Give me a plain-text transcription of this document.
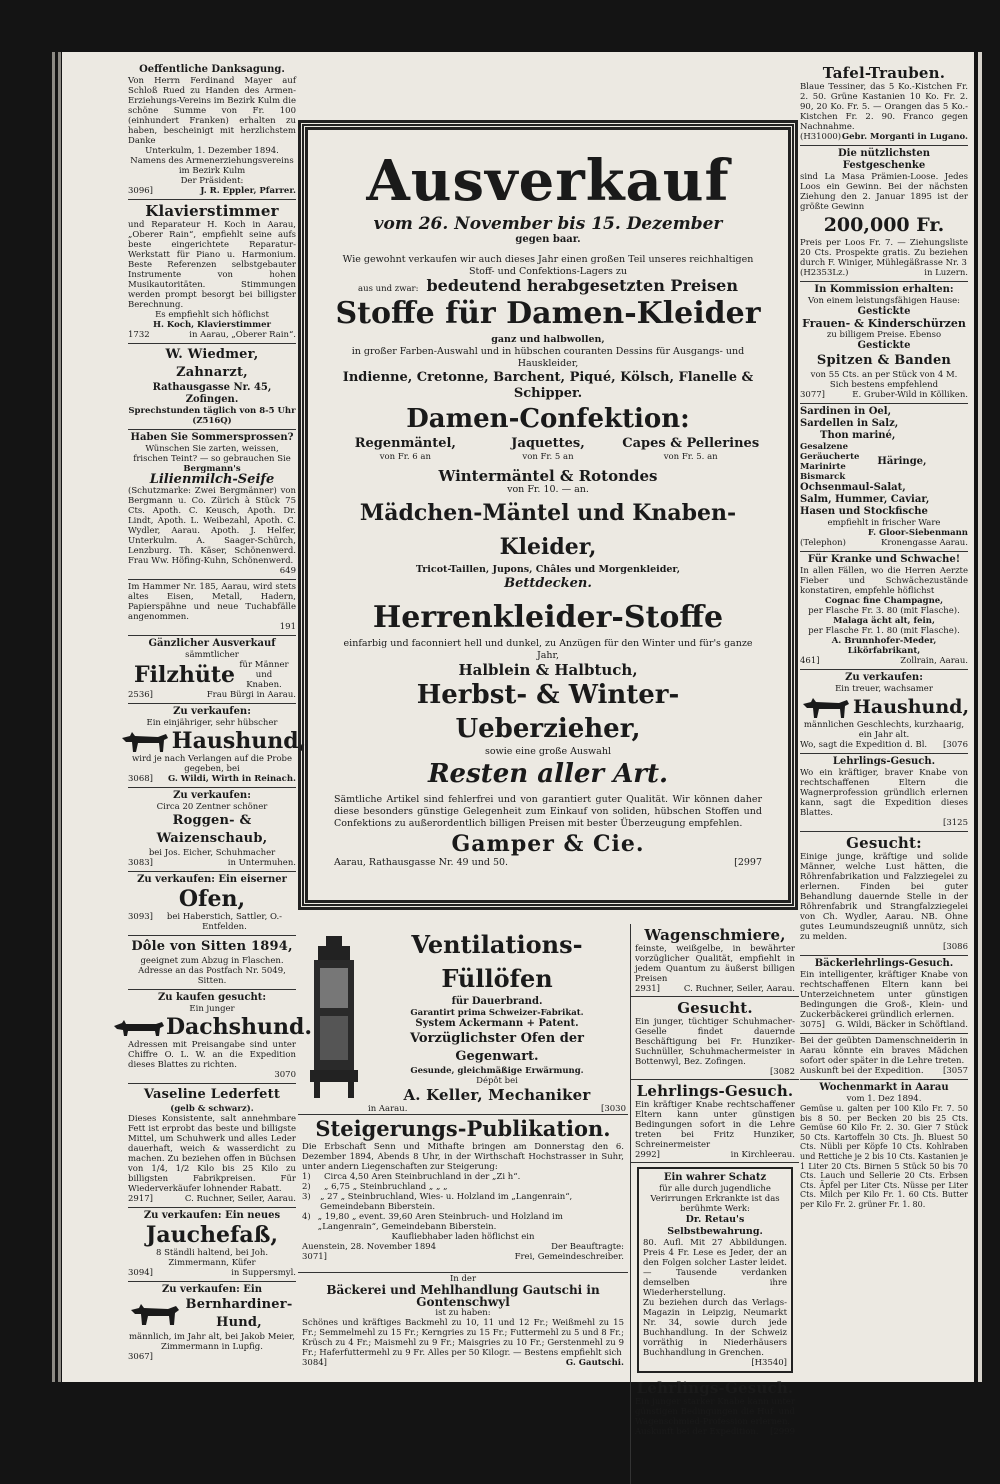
Oeffentliche Danksagung.
Von Herrn Ferdinand Mayer auf Schloß Rued zu Handen des Armen-Erziehungs-Vereins im Bezirk Kulm die schöne Summe von Fr. 100 (einhundert Franken) erhalten zu haben, bescheinigt mit herzlichstem Danke
Unterkulm, 1. Dezember 1894.
Namens des Armenerziehungsvereins im Bezirk Kulm
Der Präsident:
3096]	J. R. Eppler, Pfarrer.
Klavierstimmer
und Reparateur H. Koch in Aarau, „Oberer Rain“, empfiehlt seine aufs beste eingerichtete Reparatur-Werkstatt für Piano u. Harmonium. Beste Referenzen selbstgebauter Instrumente von hohen Musikautoritäten. Stimmungen werden prompt besorgt bei billigster Berechnung.
Es empfiehlt sich höflichst
H. Koch, Klavierstimmer
1732	in Aarau, „Oberer Rain“.
W. Wiedmer, Zahnarzt,
Rathausgasse Nr. 45,
Zofingen.
Sprechstunden täglich von 8-5 Uhr (Z516Q)
Haben Sie Sommersprossen?
Wünschen Sie zarten, weissen, frischen Teint? — so gebrauchen Sie
Bergmann's
Lilienmilch-Seife
(Schutzmarke: Zwei Bergmänner) von Bergmann u. Co. Zürich à Stück 75 Cts. Apoth. C. Keusch, Apoth. Dr. Lindt, Apoth. L. Weibezahl, Apoth. C. Wydler, Aarau. Apoth. J. Helfer, Unterkulm. A. Saager-Schürch, Lenzburg. Th. Käser, Schönenwerd. Frau Ww. Höfing-Kuhn, Schönenwerd.
649
Im Hammer Nr. 185, Aarau, wird stets altes Eisen, Metall, Hadern, Papierspähne und neue Tuchabfälle angenommen.
191
Gänzlicher Ausverkauf
sämmtlicher
Filzhüte für Männer und Knaben.
2536]	Frau Bürgi in Aarau.
Zu verkaufen:
Ein einjähriger, sehr hübscher
Haushund,
wird je nach Verlangen auf die Probe gegeben, bei
3068] G. Wildi, Wirth in Reinach.
Zu verkaufen:
Circa 20 Zentner schöner
Roggen- & Waizenschaub,
bei Jos. Eicher, Schuhmacher
3083]	in Untermuhen.
Zu verkaufen: Ein eiserner
Ofen,
3093]	bei Haberstich, Sattler, O.-Entfelden.
Dôle von Sitten 1894,
geeignet zum Abzug in Flaschen. Adresse an das Postfach Nr. 5049, Sitten.
Zu kaufen gesucht:
Ein junger
Dachshund.
Adressen mit Preisangabe sind unter Chiffre O. L. W. an die Expedition dieses Blattes zu richten.
3070
Vaseline Lederfett
(gelb & schwarz).
Dieses Konsistente, salt annehmbare Fett ist erprobt das beste und billigste Mittel, um Schuhwerk und alles Leder dauerhaft, weich & wasserdicht zu machen. Zu beziehen offen in Büchsen von 1/4, 1/2 Kilo bis 25 Kilo zu billigsten Fabrikpreisen. Für Wiederverkäufer lohnender Rabatt.
2917]	C. Ruchner, Seiler, Aarau.
Zu verkaufen: Ein neues
Jauchefaß,
8 Ständli haltend, bei Joh. Zimmermann, Küfer
3094]	in Suppersmyl.
Zu verkaufen: Ein
Bernhardiner-Hund,
männlich, im Jahr alt, bei Jakob Meier, Zimmermann in Lupfig.
3067]
Ausverkauf
vom 26. November bis 15. Dezember
gegen baar.
Wie gewohnt verkaufen wir auch dieses Jahr einen großen Teil unseres reichhaltigen Stoff- und Confektions-Lagers zu
aus und zwar: bedeutend herabgesetzten Preisen
Stoffe für Damen-Kleider
ganz und halbwollen,
in großer Farben-Auswahl und in hübschen couranten Dessins für Ausgangs- und Hauskleider,
Indienne, Cretonne, Barchent, Piqué, Kölsch, Flanelle & Schipper.
Damen-Confektion:
Regenmäntel,	Jaquettes,	Capes & Pellerines
von Fr. 6 an	von Fr. 5 an	von Fr. 5. an
Wintermäntel & Rotondes
von Fr. 10. — an.
Mädchen-Mäntel und Knaben-Kleider,
Tricot-Taillen, Jupons, Châles und Morgenkleider,
Bettdecken.
Herrenkleider-Stoffe
einfarbig und faconniert hell und dunkel, zu Anzügen für den Winter und für's ganze Jahr,
Halblein & Halbtuch,
Herbst- & Winter-Ueberzieher,
sowie eine große Auswahl
Resten aller Art.
Sämtliche Artikel sind fehlerfrei und von garantiert guter Qualität. Wir können daher diese besonders günstige Gelegenheit zum Einkauf von soliden, hübschen Stoffen und Confektions zu außerordentlich billigen Preisen mit bester Überzeugung empfehlen.
Gamper & Cie.
Aarau, Rathausgasse Nr. 49 und 50.	[2997
Ventilations-Füllöfen
für Dauerbrand.
Garantirt prima Schweizer-Fabrikat.
System Ackermann + Patent.
Vorzüglichster Ofen der Gegenwart.
Gesunde, gleichmäßige Erwärmung.
Dépôt bei
A. Keller, Mechaniker
in Aarau.	[3030
Steigerungs-Publikation.
Die Erbschaft Senn und Mithafte bringen am Donnerstag den 6. Dezember 1894, Abends 8 Uhr, in der Wirthschaft Hochstrasser in Suhr, unter andern Liegenschaften zur Steigerung:
1)	Circa 4,50 Aren Steinbruchland in der „Zi h“.
2)	„ 6,75 „ Steinbruchland „ „ „
3)	„ 27 „ Steinbruchland, Wies- u. Holzland im „Langenrain“, Gemeindebann Biberstein.
4) „ 19,80 „ event. 39,60 Aren Steinbruch- und Holzland im „Langenrain“, Gemeindebann Biberstein.
Kaufliebhaber laden höflichst ein
Auenstein, 28. November 1894	Der Beauftragte:
3071]	Frei, Gemeindeschreiber.
In der
Bäckerei und Mehlhandlung Gautschi in Gontenschwyl
ist zu haben:
Schönes und kräftiges Backmehl zu 10, 11 und 12 Fr.; Weißmehl zu 15 Fr.; Semmelmehl zu 15 Fr.; Kerngries zu 15 Fr.; Futtermehl zu 5 und 8 Fr.; Krüsch zu 4 Fr.; Maismehl zu 9 Fr.; Maisgries zu 10 Fr.; Gerstenmehl zu 9 Fr.; Haferfuttermehl zu 9 Fr. Alles per 50 Kilogr. — Bestens empfiehlt sich
3084]	G. Gautschi.
Wagenschmiere,
feinste, weißgelbe, in bewährter vorzüglicher Qualität, empfiehlt in jedem Quantum zu äußerst billigen Preisen
2931]	C. Ruchner, Seiler, Aarau.
Gesucht.
Ein junger, tüchtiger Schuhmacher-Geselle findet dauernde Beschäftigung bei Fr. Hunziker-Suchnüller, Schuhmachermeister in Bottenwyl, Bez. Zofingen.
[3082
Lehrlings-Gesuch.
Ein kräftiger Knabe rechtschaffener Eltern kann unter günstigen Bedingungen sofort in die Lehre treten bei Fritz Hunziker, Schreinermeister
2992]	in Kirchleerau.
Ein wahrer Schatz
für alle durch jugendliche Verirrungen Erkrankte ist das berühmte Werk:
Dr. Retau's Selbstbewahrung.
80. Aufl. Mit 27 Abbildungen. Preis 4 Fr. Lese es Jeder, der an den Folgen solcher Laster leidet. — Tausende verdanken demselben ihre Wiederherstellung.
Zu beziehen durch das Verlags-Magazin in Leipzig, Neumarkt Nr. 34, sowie durch jede Buchhandlung. In der Schweiz vorräthig in Niederhäusers Buchhandlung in Grenchen.
[H3540]
Lehrlings-Gesuch.
Ein junger starker Knabe kann unter günstigen Bedingungen die Huf- und Wagenschmied-Profession erlernen.
Auskunft bei der Expedition. [2999
Tafel-Trauben.
Blaue Tessiner, das 5 Ko.-Kistchen Fr. 2. 50. Grüne Kastanien 10 Ko. Fr. 2. 90, 20 Ko. Fr. 5. — Orangen das 5 Ko.-Kistchen Fr. 2. 90. Franco gegen Nachnahme.
(H31000) Gebr. Morganti in Lugano.
Die nützlichsten Festgeschenke
sind La Masa Prämien-Loose. Jedes Loos ein Gewinn. Bei der nächsten Ziehung den 2. Januar 1895 ist der größte Gewinn
200,000 Fr.
Preis per Loos Fr. 7. — Ziehungsliste 20 Cts. Prospekte gratis. Zu beziehen durch F. Winiger, Mühlegäßrasse Nr. 3
(H2353Lz.)	in Luzern.
In Kommission erhalten:
Von einem leistungsfähigen Hause:
Gestickte
Frauen- & Kinderschürzen
zu billigem Preise. Ebenso
Gestickte
Spitzen & Banden
von 55 Cts. an per Stück von 4 M. Sich bestens empfehlend
3077]	E. Gruber-Wild in Kölliken.
Sardinen in Oel,
Sardellen in Salz,
Thon mariné,
Gesalzene
Geräucherte
Marinirte
Bismarck
Häringe,
Ochsenmaul-Salat,
Salm, Hummer, Caviar,
Hasen und Stockfische
empfiehlt in frischer Ware
F. Gloor-Siebenmann
(Telephon)	Kronengasse Aarau.
Für Kranke und Schwache!
In allen Fällen, wo die Herren Aerzte Fieber und Schwächezustände konstatiren, empfehle höflichst
Cognac fine Champagne,
per Flasche Fr. 3. 80 (mit Flasche).
Malaga ächt alt, fein,
per Flasche Fr. 1. 80 (mit Flasche).
A. Brunnhofer-Meder, Likörfabrikant,
461]	Zollrain, Aarau.
Zu verkaufen:
Ein treuer, wachsamer
Haushund,
männlichen Geschlechts, kurzhaarig, ein Jahr alt.
Wo, sagt die Expedition d. Bl. [3076
Lehrlings-Gesuch.
Wo ein kräftiger, braver Knabe von rechtschaffenen Eltern die Wagnerprofession gründlich erlernen kann, sagt die Expedition dieses Blattes.
[3125
Gesucht:
Einige junge, kräftige und solide Männer, welche Lust hätten, die Röhrenfabrikation und Falzziegelei zu erlernen. Finden bei guter Behandlung dauernde Stelle in der Röhrenfabrik und Strangfalzziegelei von Ch. Wydler, Aarau. NB. Ohne gutes Leumundszeugniß unnütz, sich zu melden.
[3086
Bäckerlehrlings-Gesuch.
Ein intelligenter, kräftiger Knabe von rechtschaffenen Eltern kann bei Unterzeichnetem unter günstigen Bedingungen die Groß-, Klein- und Zuckerbäckerei gründlich erlernen.
3075] G. Wildi, Bäcker in Schöftland.
Bei der geübten Damenschneiderin in Aarau könnte ein braves Mädchen sofort oder später in die Lehre treten.
Auskunft bei der Expedition. [3057
Wochenmarkt in Aarau
vom 1. Dez 1894.
Gemüse u. galten per 100 Kilo Fr. 7. 50 bis 8 50. per Becken 20 bis 25 Cts. Gemüse 60 Kilo Fr. 2. 30. Gier 7 Stück 50 Cts. Kartoffeln 30 Cts. Jh. Bluest 50 Cts. Nübli per Köpfe 10 Cts. Kohlraben und Rettiche je 2 bis 10 Cts. Kastanien je 1 Liter 20 Cts. Birnen 5 Stück 50 bis 70 Cts. Lauch und Sellerie 20 Cts. Erbsen Cts. Äpfel per Liter Cts. Nüsse per Liter Cts. Milch per Kilo Fr. 1. 60 Cts. Butter per Kilo Fr. 2. grüner Fr. 1. 80.
